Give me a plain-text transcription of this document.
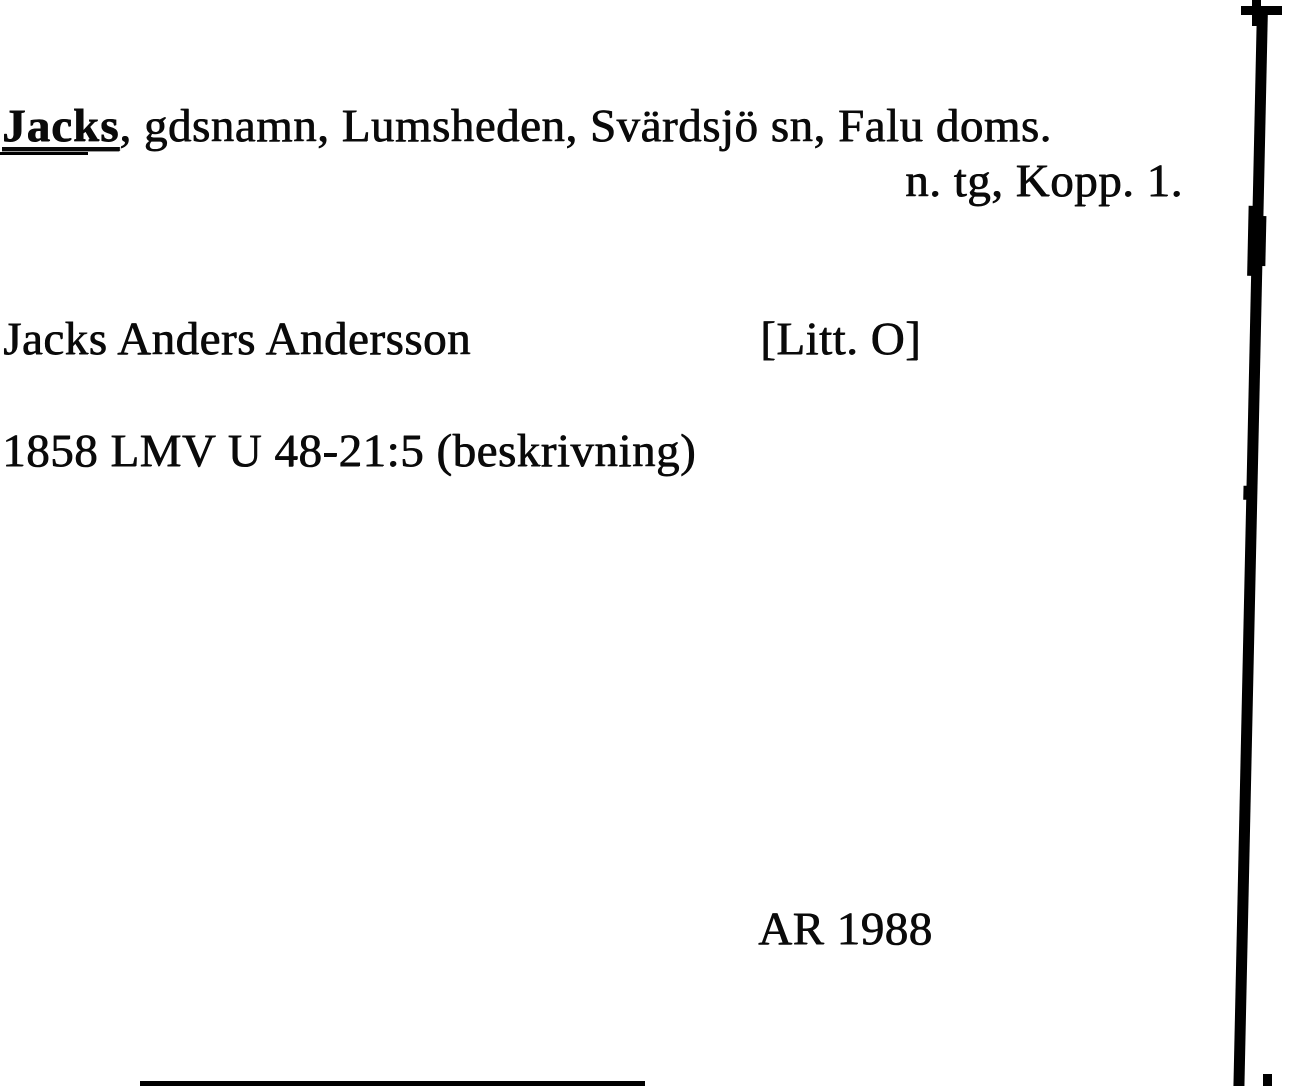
Jacks, gdsnamn, Lumsheden, Svärdsjö sn, Falu doms.
n. tg, Kopp. 1.
Jacks Anders Andersson	[Litt. O]
1858 LMV U 48-21:5 (beskrivning)
AR 1988
